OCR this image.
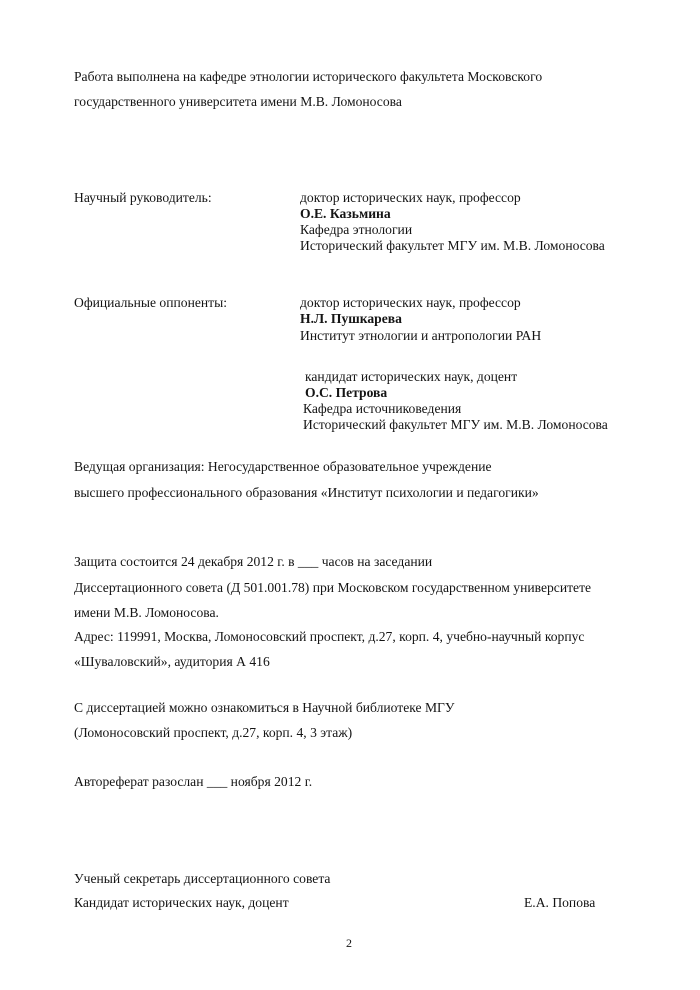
Работа выполнена на кафедре этнологии исторического факультета Московского
государственного университета имени М.В. Ломоносова
Научный руководитель:	доктор исторических наук, профессор
О.Е. Казьмина
Кафедра этнологии
Исторический факультет МГУ им. М.В. Ломоносова
Официальные оппоненты:	доктор исторических наук, профессор
Н.Л. Пушкарева
Институт этнологии и антропологии РАН
кандидат исторических наук, доцент
О.С. Петрова
Кафедра источниковедения
Исторический факультет МГУ им. М.В. Ломоносова
Ведущая организация: Негосударственное образовательное учреждение
высшего профессионального образования «Институт психологии и педагогики»
Защита состоится 24 декабря 2012 г. в ___ часов на заседании
Диссертационного совета (Д 501.001.78) при Московском государственном университете
имени М.В. Ломоносова.
Адрес: 119991, Москва, Ломоносовский проспект, д.27, корп. 4, учебно-научный корпус
«Шуваловский», аудитория А 416
С диссертацией можно ознакомиться в Научной библиотеке МГУ
(Ломоносовский проспект, д.27, корп. 4, 3 этаж)
Автореферат разослан ___ ноября 2012 г.
Ученый секретарь диссертационного совета
Кандидат исторических наук, доцент	Е.А. Попова
2
